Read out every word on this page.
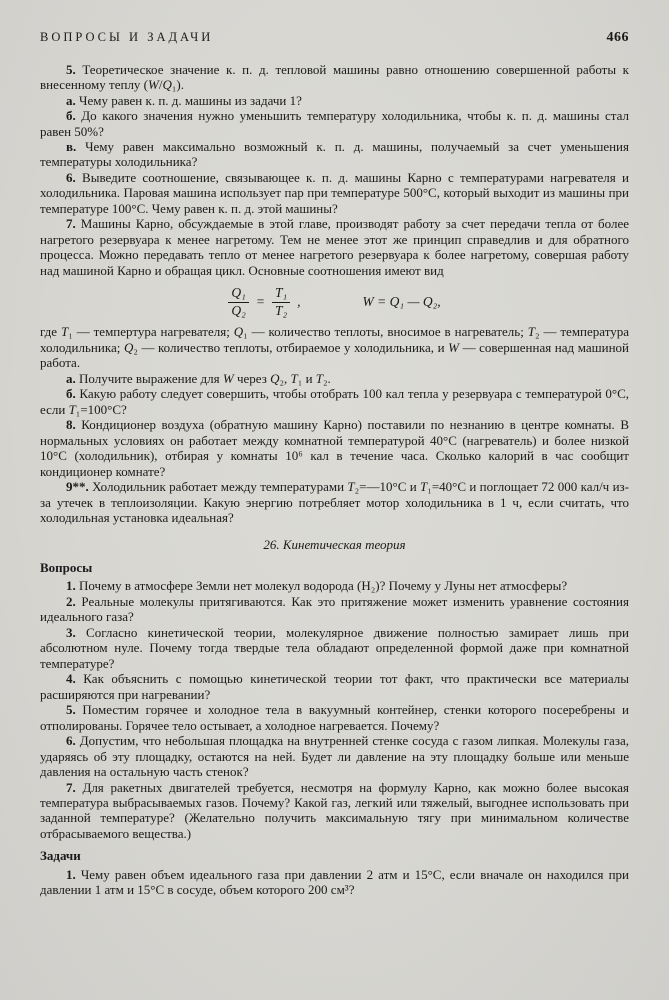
ВОПРОСЫ И ЗАДАЧИ	466

5. Теоретическое значение к. п. д. тепловой машины равно отношению совершенной работы к внесенному теплу (W/Q₁).

а. Чему равен к. п. д. машины из задачи 1?

б. До какого значения нужно уменьшить температуру холодильника, чтобы к. п. д. машины стал равен 50%?

в. Чему равен максимально возможный к. п. д. машины, получаемый за счет уменьшения температуры холодильника?

6. Выведите соотношение, связывающее к. п. д. машины Карно с температурами нагревателя и холодильника. Паровая машина использует пар при температуре 500°С, который выходит из машины при температуре 100°С. Чему равен к. п. д. этой машины?

7. Машины Карно, обсуждаемые в этой главе, производят работу за счет передачи тепла от более нагретого резервуара к менее нагретому. Тем не менее этот же принцип справедлив и для обратного процесса. Можно передавать тепло от менее нагретого резервуара к более нагретому, совершая работу над машиной Карно и обращая цикл. Основные соотношения имеют вид

$\frac{\text{Q₁}}{\text{Q₂}} = \frac{\text{T₁}}{\text{T₂}}$ ,	W = Q₁ — Q₂,

где T₁ — темпертура нагревателя; Q₁ — количество теплоты, вносимое в нагреватель; T₂ — температура холодильника; Q₂ — количество теплоты, отбираемое у холодильника, и W — совершенная над машиной работа.

а. Получите выражение для W через Q₂, T₁ и T₂.

б. Какую работу следует совершить, чтобы отобрать 100 кал тепла у резервуара с температурой 0°С, если T₁=100°С?

8. Кондиционер воздуха (обратную машину Карно) поставили по незнанию в центре комнаты. В нормальных условиях он работает между комнатной температурой 40°С (нагреватель) и более низкой 10°С (холодильник), отбирая у комнаты 10⁶ кал в течение часа. Сколько калорий в час сообщит кондиционер комнате?

9**. Холодильник работает между температурами T₂=—10°С и T₁=40°С и поглощает 72 000 кал/ч из-за утечек в теплоизоляции. Какую энергию потребляет мотор холодильника в 1 ч, если считать, что холодильная установка идеальная?

26. Кинетическая теория

Вопросы

1. Почему в атмосфере Земли нет молекул водорода (H₂)? Почему у Луны нет атмосферы?

2. Реальные молекулы притягиваются. Как это притяжение может изменить уравнение состояния идеального газа?

3. Согласно кинетической теории, молекулярное движение полностью замирает лишь при абсолютном нуле. Почему тогда твердые тела обладают определенной формой даже при комнатной температуре?

4. Как объяснить с помощью кинетической теории тот факт, что практически все материалы расширяются при нагревании?

5. Поместим горячее и холодное тела в вакуумный контейнер, стенки которого посеребрены и отполированы. Горячее тело остывает, а холодное нагревается. Почему?

6. Допустим, что небольшая площадка на внутренней стенке сосуда с газом липкая. Молекулы газа, ударяясь об эту площадку, остаются на ней. Будет ли давление на эту площадку больше или меньше давления на остальную часть стенок?

7. Для ракетных двигателей требуется, несмотря на формулу Карно, как можно более высокая температура выбрасываемых газов. Почему? Какой газ, легкий или тяжелый, выгоднее использовать при заданной температуре? (Желательно получить максимальную тягу при минимальном количестве отбрасываемого вещества.)

Задачи

1. Чему равен объем идеального газа при давлении 2 атм и 15°С, если вначале он находился при давлении 1 атм и 15°С в сосуде, объем которого 200 см³?
